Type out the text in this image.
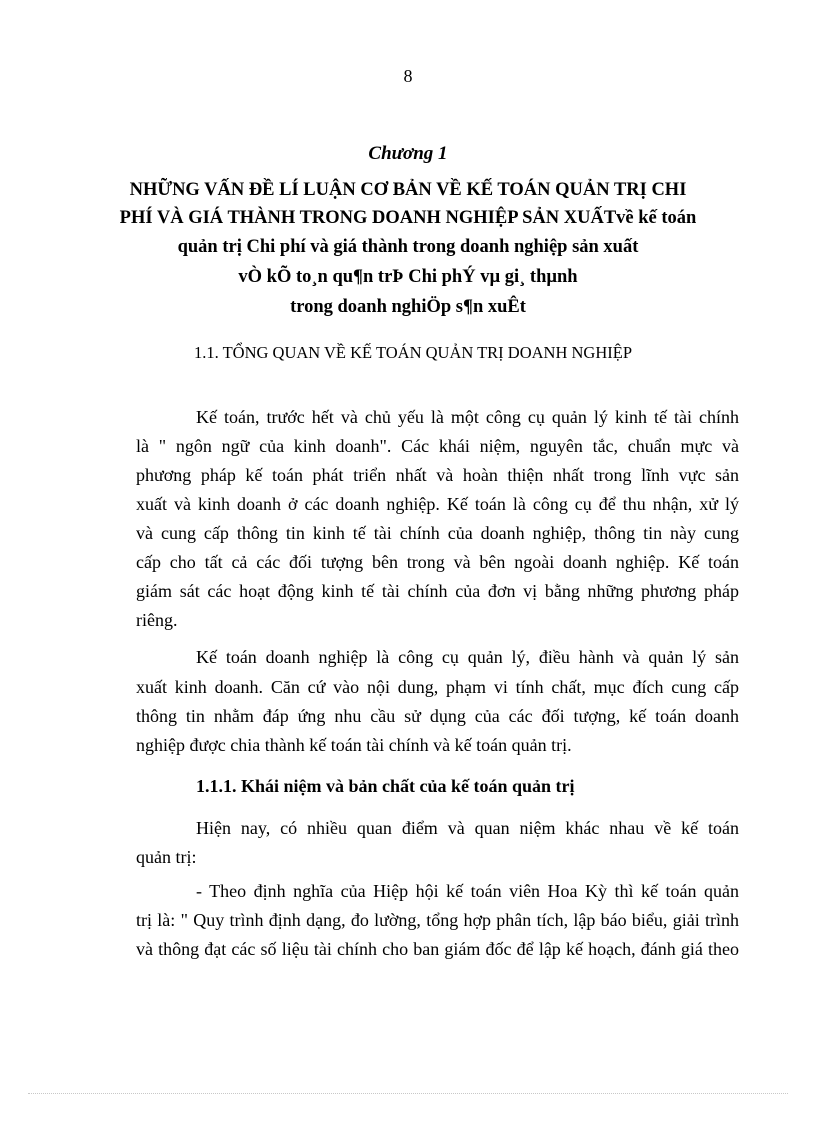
8
Chương 1
NHỮNG VẤN ĐỀ LÍ LUẬN CƠ BẢN VỀ KẾ TOÁN QUẢN TRỊ CHI
PHÍ VÀ GIÁ THÀNH TRONG DOANH NGHIỆP SẢN XUẤTvề kế toán
quản trị Chi phí và giá thành trong doanh nghiệp sản xuất
vÒ kÕ to¸n qu¶n trÞ Chi phÝ vµ gi¸ thµnh
trong doanh nghiÖp s¶n xuÊt
1.1. TỔNG QUAN VỀ KẾ TOÁN QUẢN TRỊ DOANH NGHIỆP
Kế toán, trước hết và chủ yếu là một công cụ quản lý kinh tế tài chính
là " ngôn ngữ của kinh doanh". Các khái niệm, nguyên tắc, chuẩn mực và
phương pháp kế toán phát triển nhất và hoàn thiện nhất trong lĩnh vực sản
xuất và kinh doanh ở các doanh nghiệp. Kế toán là công cụ để thu nhận, xử lý
và cung cấp thông tin kinh tế tài chính của doanh nghiệp, thông tin này cung
cấp cho tất cả các đối tượng bên trong và bên ngoài doanh nghiệp. Kế toán
giám sát các hoạt động kinh tế tài chính của đơn vị bằng những phương pháp
riêng.
Kế toán doanh nghiệp là công cụ quản lý, điều hành và quản lý sản
xuất kinh doanh. Căn cứ vào nội dung, phạm vi tính chất, mục đích cung cấp
thông tin nhằm đáp ứng nhu cầu sử dụng của các đối tượng, kế toán doanh
nghiệp được chia thành kế toán tài chính và kế toán quản trị.
1.1.1. Khái niệm và bản chất của kế toán quản trị
Hiện nay, có nhiều quan điểm và quan niệm khác nhau về kế toán
quản trị:
- Theo định nghĩa của Hiệp hội kế toán viên Hoa Kỳ thì kế toán quản
trị là: " Quy trình định dạng, đo lường, tổng hợp phân tích, lập báo biểu, giải trình
và thông đạt các số liệu tài chính cho ban giám đốc để lập kế hoạch, đánh giá theo
